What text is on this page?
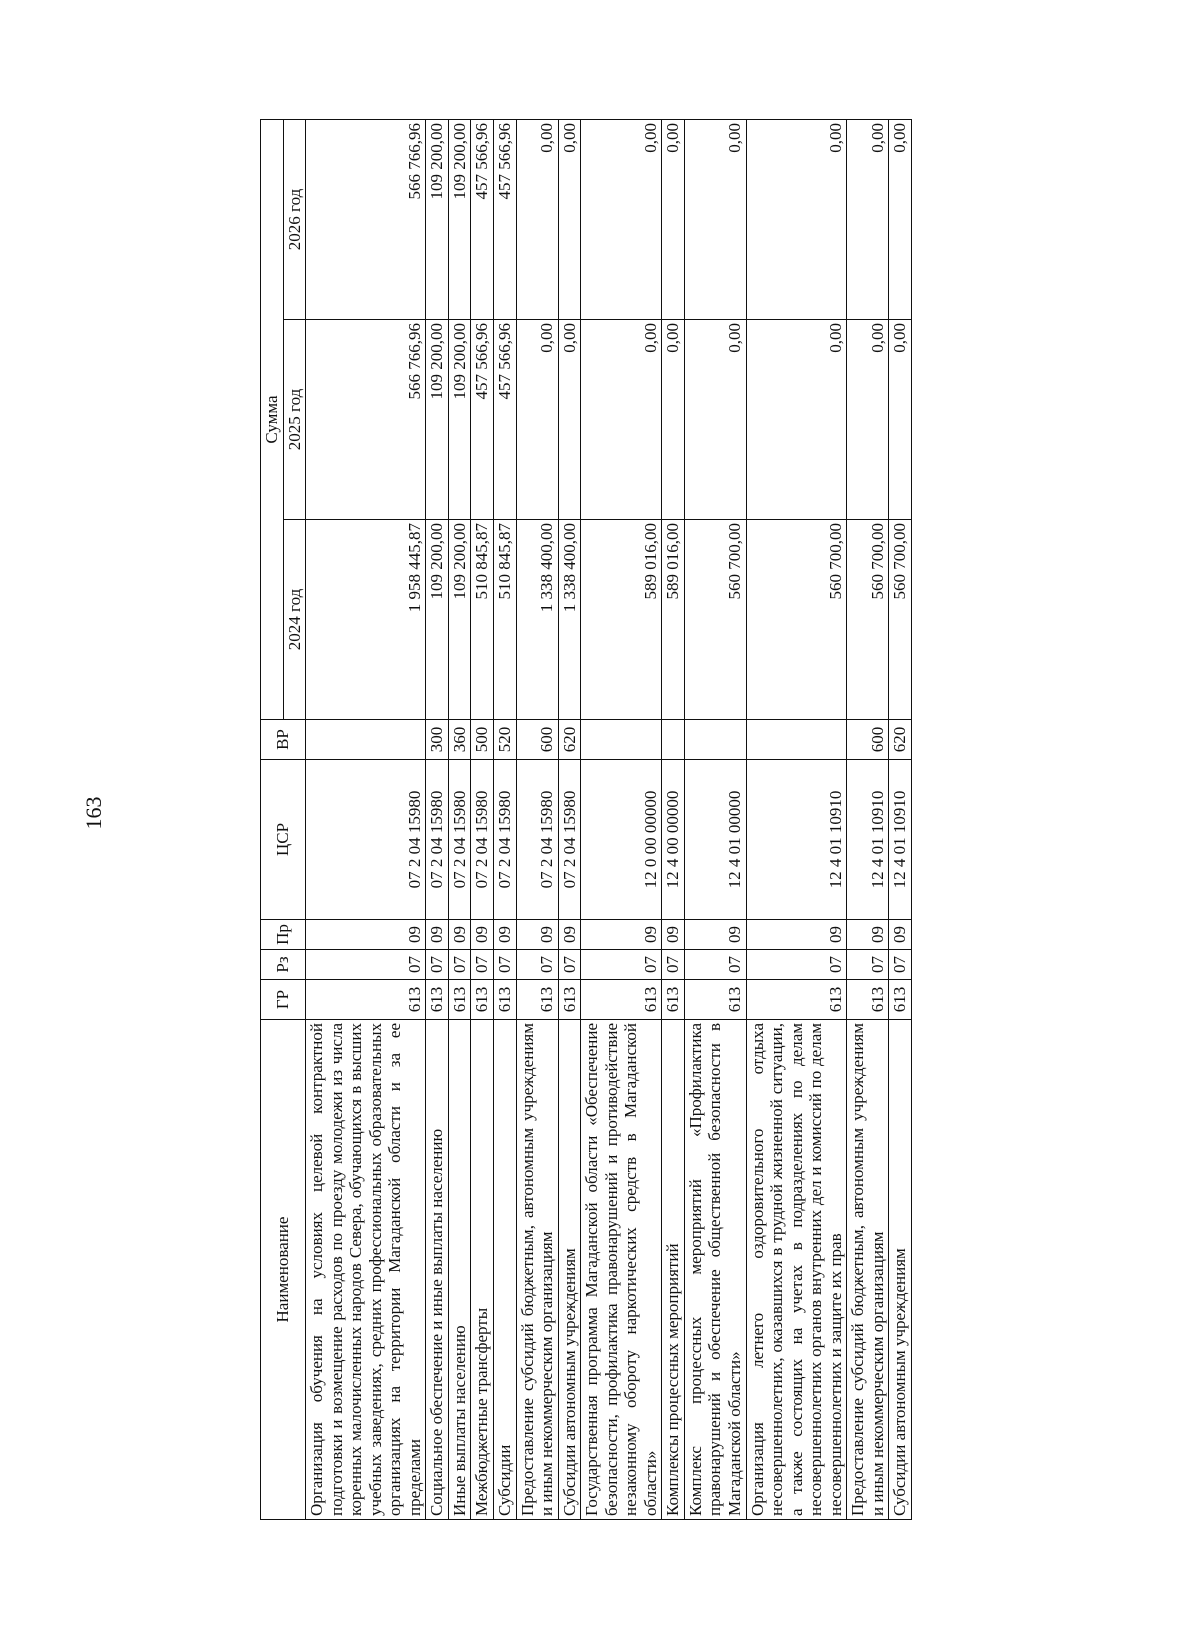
163
Наименование	ГР	Рз	Пр	ЦСР	ВР	Сумма		
						2024 год	2025 год	2026 год
Организация обучения на условиях целевой контрактной подготовки и возмещение расходов по проезду молодежи из числа коренных малочисленных народов Севера, обучающихся в высших учебных заведениях, средних профессиональных образовательных организациях на территории Магаданской области и за ее пределами	613	07	09	07 2 04 15980		1 958 445,87	566 766,96	566 766,96
Социальное обеспечение и иные выплаты населению	613	07	09	07 2 04 15980	300	109 200,00	109 200,00	109 200,00
Иные выплаты населению	613	07	09	07 2 04 15980	360	109 200,00	109 200,00	109 200,00
Межбюджетные трансферты	613	07	09	07 2 04 15980	500	510 845,87	457 566,96	457 566,96
Субсидии	613	07	09	07 2 04 15980	520	510 845,87	457 566,96	457 566,96
Предоставление субсидий бюджетным, автономным учреждениям и иным некоммерческим организациям	613	07	09	07 2 04 15980	600	1 338 400,00	0,00	0,00
Субсидии автономным учреждениям	613	07	09	07 2 04 15980	620	1 338 400,00	0,00	0,00
Государственная программа Магаданской области «Обеспечение безопасности, профилактика правонарушений и противодействие незаконному обороту наркотических средств в Магаданской области»	613	07	09	12 0 00 00000		589 016,00	0,00	0,00
Комплексы процессных мероприятий	613	07	09	12 4 00 00000		589 016,00	0,00	0,00
Комплекс процессных мероприятий «Профилактика правонарушений и обеспечение общественной безопасности в Магаданской области»	613	07	09	12 4 01 00000		560 700,00	0,00	0,00
Организация летнего оздоровительного отдыха несовершеннолетних, оказавшихся в трудной жизненной ситуации, а также состоящих на учетах в подразделениях по делам несовершеннолетних органов внутренних дел и комиссий по делам несовершеннолетних и защите их прав	613	07	09	12 4 01 10910		560 700,00	0,00	0,00
Предоставление субсидий бюджетным, автономным учреждениям и иным некоммерческим организациям	613	07	09	12 4 01 10910	600	560 700,00	0,00	0,00
Субсидии автономным учреждениям	613	07	09	12 4 01 10910	620	560 700,00	0,00	0,00
